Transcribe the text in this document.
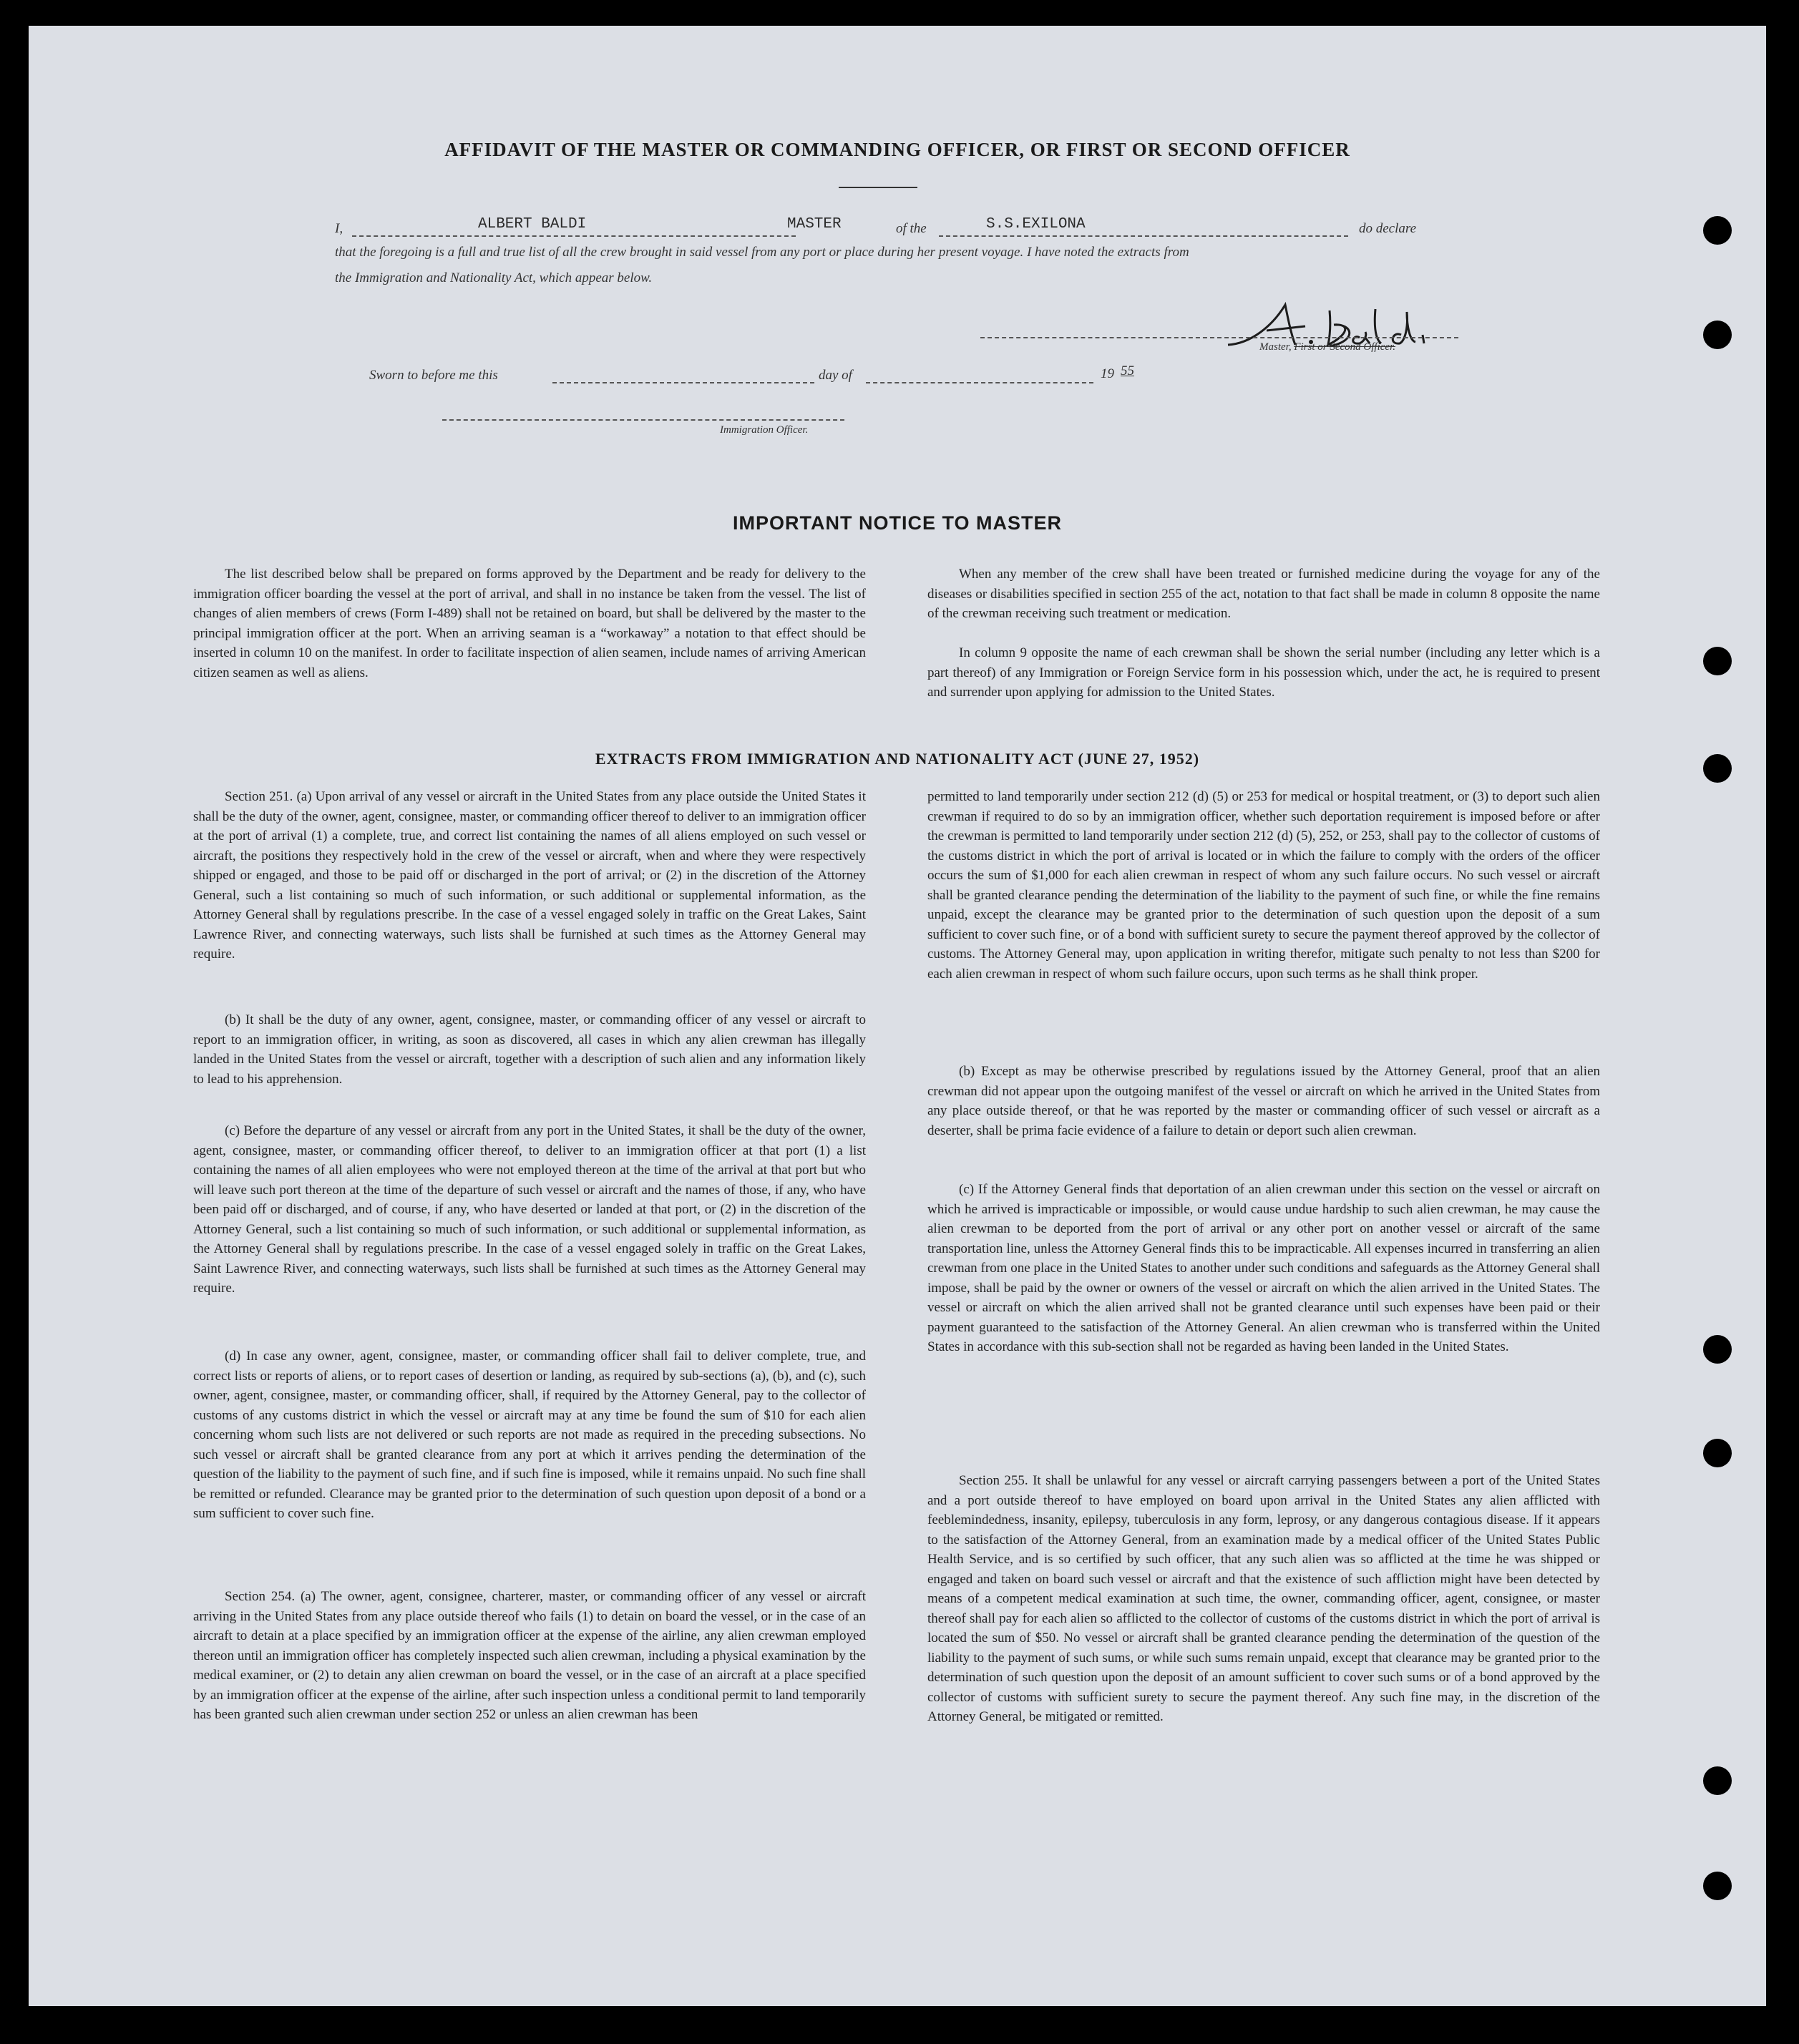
AFFIDAVIT OF THE MASTER OR COMMANDING OFFICER, OR FIRST OR SECOND OFFICER
I,	ALBERT BALDI	MASTER	of the	S.S.EXILONA	do declare
that the foregoing is a full and true list of all the crew brought in said vessel from any port or place during her present voyage. I have noted the extracts from
the Immigration and Nationality Act, which appear below.
Master, First or Second Officer.
Sworn to before me this	day of	19 55
Immigration Officer.
IMPORTANT NOTICE TO MASTER

The list described below shall be prepared on forms approved by the Department and be ready for delivery to the immigration officer boarding the vessel at the port of arrival, and shall in no instance be taken from the vessel. The list of changes of alien members of crews (Form I-489) shall not be retained on board, but shall be delivered by the master to the principal immigration officer at the port. When an arriving seaman is a “workaway” a notation to that effect should be inserted in column 10 on the manifest. In order to facilitate inspection of alien seamen, include names of arriving American citizen seamen as well as aliens.

When any member of the crew shall have been treated or furnished medicine during the voyage for any of the diseases or disabilities specified in section 255 of the act, notation to that fact shall be made in column 8 opposite the name of the crewman receiving such treatment or medication.

In column 9 opposite the name of each crewman shall be shown the serial number (including any letter which is a part thereof) of any Immigration or Foreign Service form in his possession which, under the act, he is required to present and surrender upon applying for admission to the United States.

EXTRACTS FROM IMMIGRATION AND NATIONALITY ACT (JUNE 27, 1952)

Section 251. (a) Upon arrival of any vessel or aircraft in the United States from any place outside the United States it shall be the duty of the owner, agent, consignee, master, or commanding officer thereof to deliver to an immigration officer at the port of arrival (1) a complete, true, and correct list containing the names of all aliens employed on such vessel or aircraft, the positions they respectively hold in the crew of the vessel or aircraft, when and where they were respectively shipped or engaged, and those to be paid off or discharged in the port of arrival; or (2) in the discretion of the Attorney General, such a list containing so much of such information, or such additional or supplemental information, as the Attorney General shall by regulations prescribe. In the case of a vessel engaged solely in traffic on the Great Lakes, Saint Lawrence River, and connecting waterways, such lists shall be furnished at such times as the Attorney General may require.

(b) It shall be the duty of any owner, agent, consignee, master, or commanding officer of any vessel or aircraft to report to an immigration officer, in writing, as soon as discovered, all cases in which any alien crewman has illegally landed in the United States from the vessel or aircraft, together with a description of such alien and any information likely to lead to his apprehension.

(c) Before the departure of any vessel or aircraft from any port in the United States, it shall be the duty of the owner, agent, consignee, master, or commanding officer thereof, to deliver to an immigration officer at that port (1) a list containing the names of all alien employees who were not employed thereon at the time of the arrival at that port but who will leave such port thereon at the time of the departure of such vessel or aircraft and the names of those, if any, who have been paid off or discharged, and of course, if any, who have deserted or landed at that port, or (2) in the discretion of the Attorney General, such a list containing so much of such information, or such additional or supplemental information, as the Attorney General shall by regulations prescribe. In the case of a vessel engaged solely in traffic on the Great Lakes, Saint Lawrence River, and connecting waterways, such lists shall be furnished at such times as the Attorney General may require.

(d) In case any owner, agent, consignee, master, or commanding officer shall fail to deliver complete, true, and correct lists or reports of aliens, or to report cases of desertion or landing, as required by sub-sections (a), (b), and (c), such owner, agent, consignee, master, or commanding officer, shall, if required by the Attorney General, pay to the collector of customs of any customs district in which the vessel or aircraft may at any time be found the sum of $10 for each alien concerning whom such lists are not delivered or such reports are not made as required in the preceding subsections. No such vessel or aircraft shall be granted clearance from any port at which it arrives pending the determination of the question of the liability to the payment of such fine, and if such fine is imposed, while it remains unpaid. No such fine shall be remitted or refunded. Clearance may be granted prior to the determination of such question upon deposit of a bond or a sum sufficient to cover such fine.

Section 254. (a) The owner, agent, consignee, charterer, master, or commanding officer of any vessel or aircraft arriving in the United States from any place outside thereof who fails (1) to detain on board the vessel, or in the case of an aircraft to detain at a place specified by an immigration officer at the expense of the airline, any alien crewman employed thereon until an immigration officer has completely inspected such alien crewman, including a physical examination by the medical examiner, or (2) to detain any alien crewman on board the vessel, or in the case of an aircraft at a place specified by an immigration officer at the expense of the airline, after such inspection unless a conditional permit to land temporarily has been granted such alien crewman under section 252 or unless an alien crewman has been

permitted to land temporarily under section 212 (d) (5) or 253 for medical or hospital treatment, or (3) to deport such alien crewman if required to do so by an immigration officer, whether such deportation requirement is imposed before or after the crewman is permitted to land temporarily under section 212 (d) (5), 252, or 253, shall pay to the collector of customs of the customs district in which the port of arrival is located or in which the failure to comply with the orders of the officer occurs the sum of $1,000 for each alien crewman in respect of whom any such failure occurs. No such vessel or aircraft shall be granted clearance pending the determination of the liability to the payment of such fine, or while the fine remains unpaid, except the clearance may be granted prior to the determination of such question upon the deposit of a sum sufficient to cover such fine, or of a bond with sufficient surety to secure the payment thereof approved by the collector of customs. The Attorney General may, upon application in writing therefor, mitigate such penalty to not less than $200 for each alien crewman in respect of whom such failure occurs, upon such terms as he shall think proper.

(b) Except as may be otherwise prescribed by regulations issued by the Attorney General, proof that an alien crewman did not appear upon the outgoing manifest of the vessel or aircraft on which he arrived in the United States from any place outside thereof, or that he was reported by the master or commanding officer of such vessel or aircraft as a deserter, shall be prima facie evidence of a failure to detain or deport such alien crewman.

(c) If the Attorney General finds that deportation of an alien crewman under this section on the vessel or aircraft on which he arrived is impracticable or impossible, or would cause undue hardship to such alien crewman, he may cause the alien crewman to be deported from the port of arrival or any other port on another vessel or aircraft of the same transportation line, unless the Attorney General finds this to be impracticable. All expenses incurred in transferring an alien crewman from one place in the United States to another under such conditions and safeguards as the Attorney General shall impose, shall be paid by the owner or owners of the vessel or aircraft on which the alien arrived in the United States. The vessel or aircraft on which the alien arrived shall not be granted clearance until such expenses have been paid or their payment guaranteed to the satisfaction of the Attorney General. An alien crewman who is transferred within the United States in accordance with this sub-section shall not be regarded as having been landed in the United States.

Section 255. It shall be unlawful for any vessel or aircraft carrying passengers between a port of the United States and a port outside thereof to have employed on board upon arrival in the United States any alien afflicted with feeblemindedness, insanity, epilepsy, tuberculosis in any form, leprosy, or any dangerous contagious disease. If it appears to the satisfaction of the Attorney General, from an examination made by a medical officer of the United States Public Health Service, and is so certified by such officer, that any such alien was so afflicted at the time he was shipped or engaged and taken on board such vessel or aircraft and that the existence of such affliction might have been detected by means of a competent medical examination at such time, the owner, commanding officer, agent, consignee, or master thereof shall pay for each alien so afflicted to the collector of customs of the customs district in which the port of arrival is located the sum of $50. No vessel or aircraft shall be granted clearance pending the determination of the question of the liability to the payment of such sums, or while such sums remain unpaid, except that clearance may be granted prior to the determination of such question upon the deposit of an amount sufficient to cover such sums or of a bond approved by the collector of customs with sufficient surety to secure the payment thereof. Any such fine may, in the discretion of the Attorney General, be mitigated or remitted.
